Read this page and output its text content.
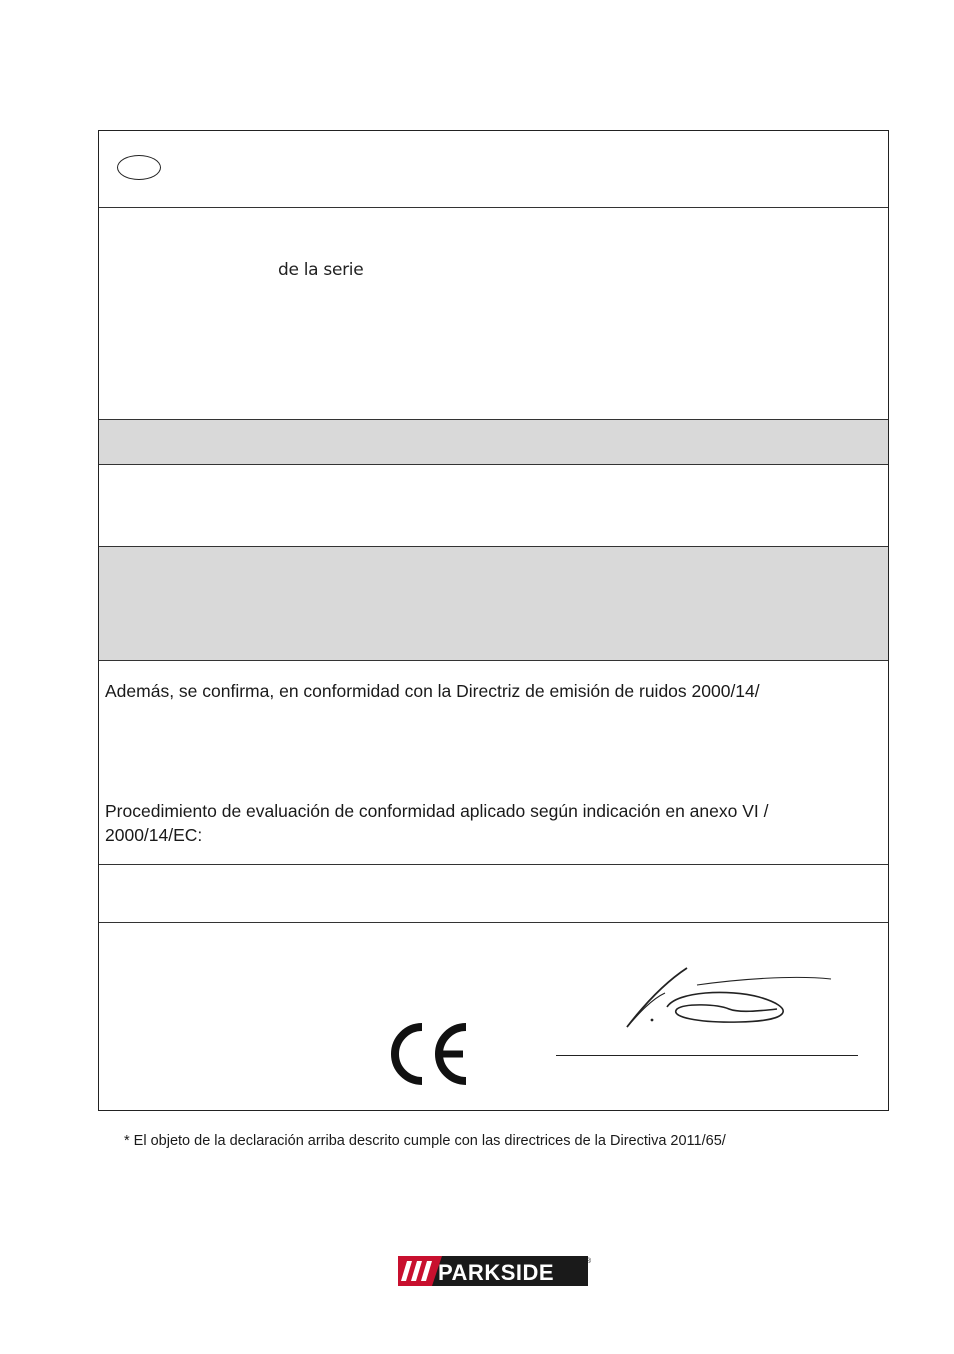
de la serie
Además, se confirma, en conformidad con la Directriz de emisión de ruidos 2000/14/
Procedimiento de evaluación de conformidad aplicado según indicación en anexo VI /
2000/14/EC:
* El objeto de la declaración arriba descrito cumple con las directrices de la Directiva 2011/65/
PARKSIDE	®
